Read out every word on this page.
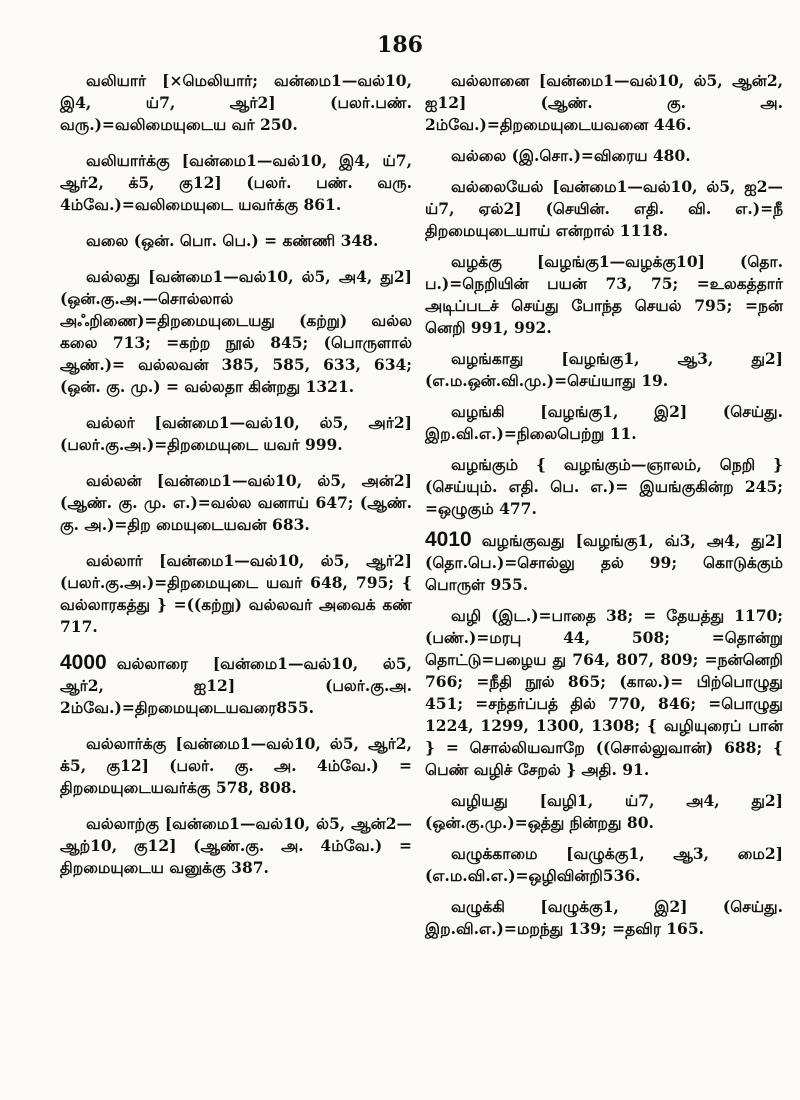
186

வலியார் [×மெலியார்; வன்மை1—வல்10, இ4, ய்7, ஆர்2] (பலர்.பண். வரு.)=வலிமையுடைய வர் 250.

வலியார்க்கு [வன்மை1—வல்10, இ4, ய்7, ஆர்2, க்5, கு12] (பலர். பண். வரு. 4ம்வே.)=வலிமையுடை யவர்க்கு 861.

வலை (ஒன். பொ. பெ.) = கண்ணி 348.

வல்லது [வன்மை1—வல்10, ல்5, அ4, து2] (ஒன்.கு.அ.—சொல்லால் அஃறிணை)=திறமையுடையது (கற்று) வல்ல கலை 713; =கற்ற நூல் 845; (பொருளால் ஆண்.)= வல்லவன் 385, 585, 633, 634; (ஒன். கு. மு.) = வல்லதா கின்றது 1321.

வல்லர் [வன்மை1—வல்10, ல்5, அர்2] (பலர்.கு.அ.)=திறமையுடை யவர் 999.

வல்லன் [வன்மை1—வல்10, ல்5, அன்2] (ஆண். கு. மு. எ.)=வல்ல வனாய் 647; (ஆண். கு. அ.)=திற மையுடையவன் 683.

வல்லார் [வன்மை1—வல்10, ல்5, ஆர்2] (பலர்.கு.அ.)=திறமையுடை யவர் 648, 795; { வல்லாரகத்து } =((கற்று) வல்லவர் அவைக் கண் 717.

4000 வல்லாரை [வன்மை1—வல்10, ல்5, ஆர்2, ஐ12] (பலர்.கு.அ. 2ம்வே.)=திறமையுடையவரை855.

வல்லார்க்கு [வன்மை1—வல்10, ல்5, ஆர்2, க்5, கு12] (பலர். கு. அ. 4ம்வே.) = திறமையுடையவர்க்கு 578, 808.

வல்லாற்கு [வன்மை1—வல்10, ல்5, ஆன்2—ஆற்10, கு12] (ஆண்.கு. அ. 4ம்வே.) = திறமையுடைய வனுக்கு 387.

வல்லானை [வன்மை1—வல்10, ல்5, ஆன்2, ஐ12] (ஆண். கு. அ. 2ம்வே.)=திறமையுடையவனை 446.

வல்லை (இ.சொ.)=விரைய 480.

வல்லையேல் [வன்மை1—வல்10, ல்5, ஐ2—ய்7, ஏல்2] (செயின். எதி. வி. எ.)=நீ திறமையுடையாய் என்றால் 1118.

வழக்கு [வழங்கு1—வழக்கு10] (தொ. ப.)=நெறியின் பயன் 73, 75; =உலகத்தார் அடிப்படச் செய்து போந்த செயல் 795; =நன் னெறி 991, 992.

வழங்காது [வழங்கு1, ஆ3, து2] (எ.ம.ஒன்.வி.மு.)=செய்யாது 19.

வழங்கி [வழங்கு1, இ2] (செய்து. இற.வி.எ.)=நிலைபெற்று 11.

வழங்கும் { வழங்கும்—ஞாலம், நெறி } (செய்யும். எதி. பெ. எ.)= இயங்குகின்ற 245; =ஒழுகும் 477.

4010 வழங்குவது [வழங்கு1, வ்3, அ4, து2] (தொ.பெ.)=சொல்லு தல் 99; கொடுக்கும் பொருள் 955.

வழி (இட.)=பாதை 38; = தேயத்து 1170; (பண்.)=மரபு 44, 508; =தொன்று தொட்டு=பழைய து 764, 807, 809; =நன்னெறி 766; =நீதி நூல் 865; (கால.)= பிற்பொழுது 451; =சந்தர்ப்பத் தில் 770, 846; =பொழுது 1224, 1299, 1300, 1308; { வழியுரைப் பான் } = சொல்லியவாறே ((சொல்லுவான்) 688; { பெண் வழிச் சேறல் } அதி. 91.

வழியது [வழி1, ய்7, அ4, து2] (ஒன்.கு.மு.)=ஒத்து நின்றது 80.

வழுக்காமை [வழுக்கு1, ஆ3, மை2] (எ.ம.வி.எ.)=ஒழிவின்றி536.

வழுக்கி [வழுக்கு1, இ2] (செய்து. இற.வி.எ.)=மறந்து 139; =தவிர 165.
